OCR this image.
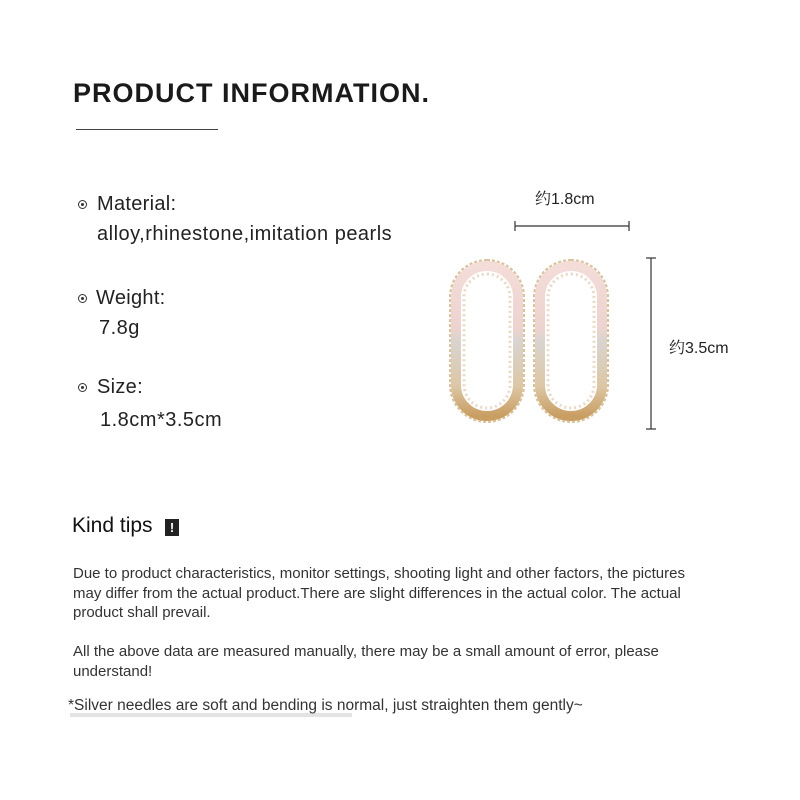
PRODUCT INFORMATION.
Material:
alloy,rhinestone,imitation pearls
Weight:
7.8g
Size:
1.8cm*3.5cm
约1.8cm
约3.5cm
Kind tips	!
Due to product characteristics, monitor settings, shooting light and other factors, the pictures may differ from the actual product.There are slight differences in the actual color. The actual product shall prevail.
All the above data are measured manually, there may be a small amount of error, please understand!
*Silver needles are soft and bending is normal, just straighten them gently~
